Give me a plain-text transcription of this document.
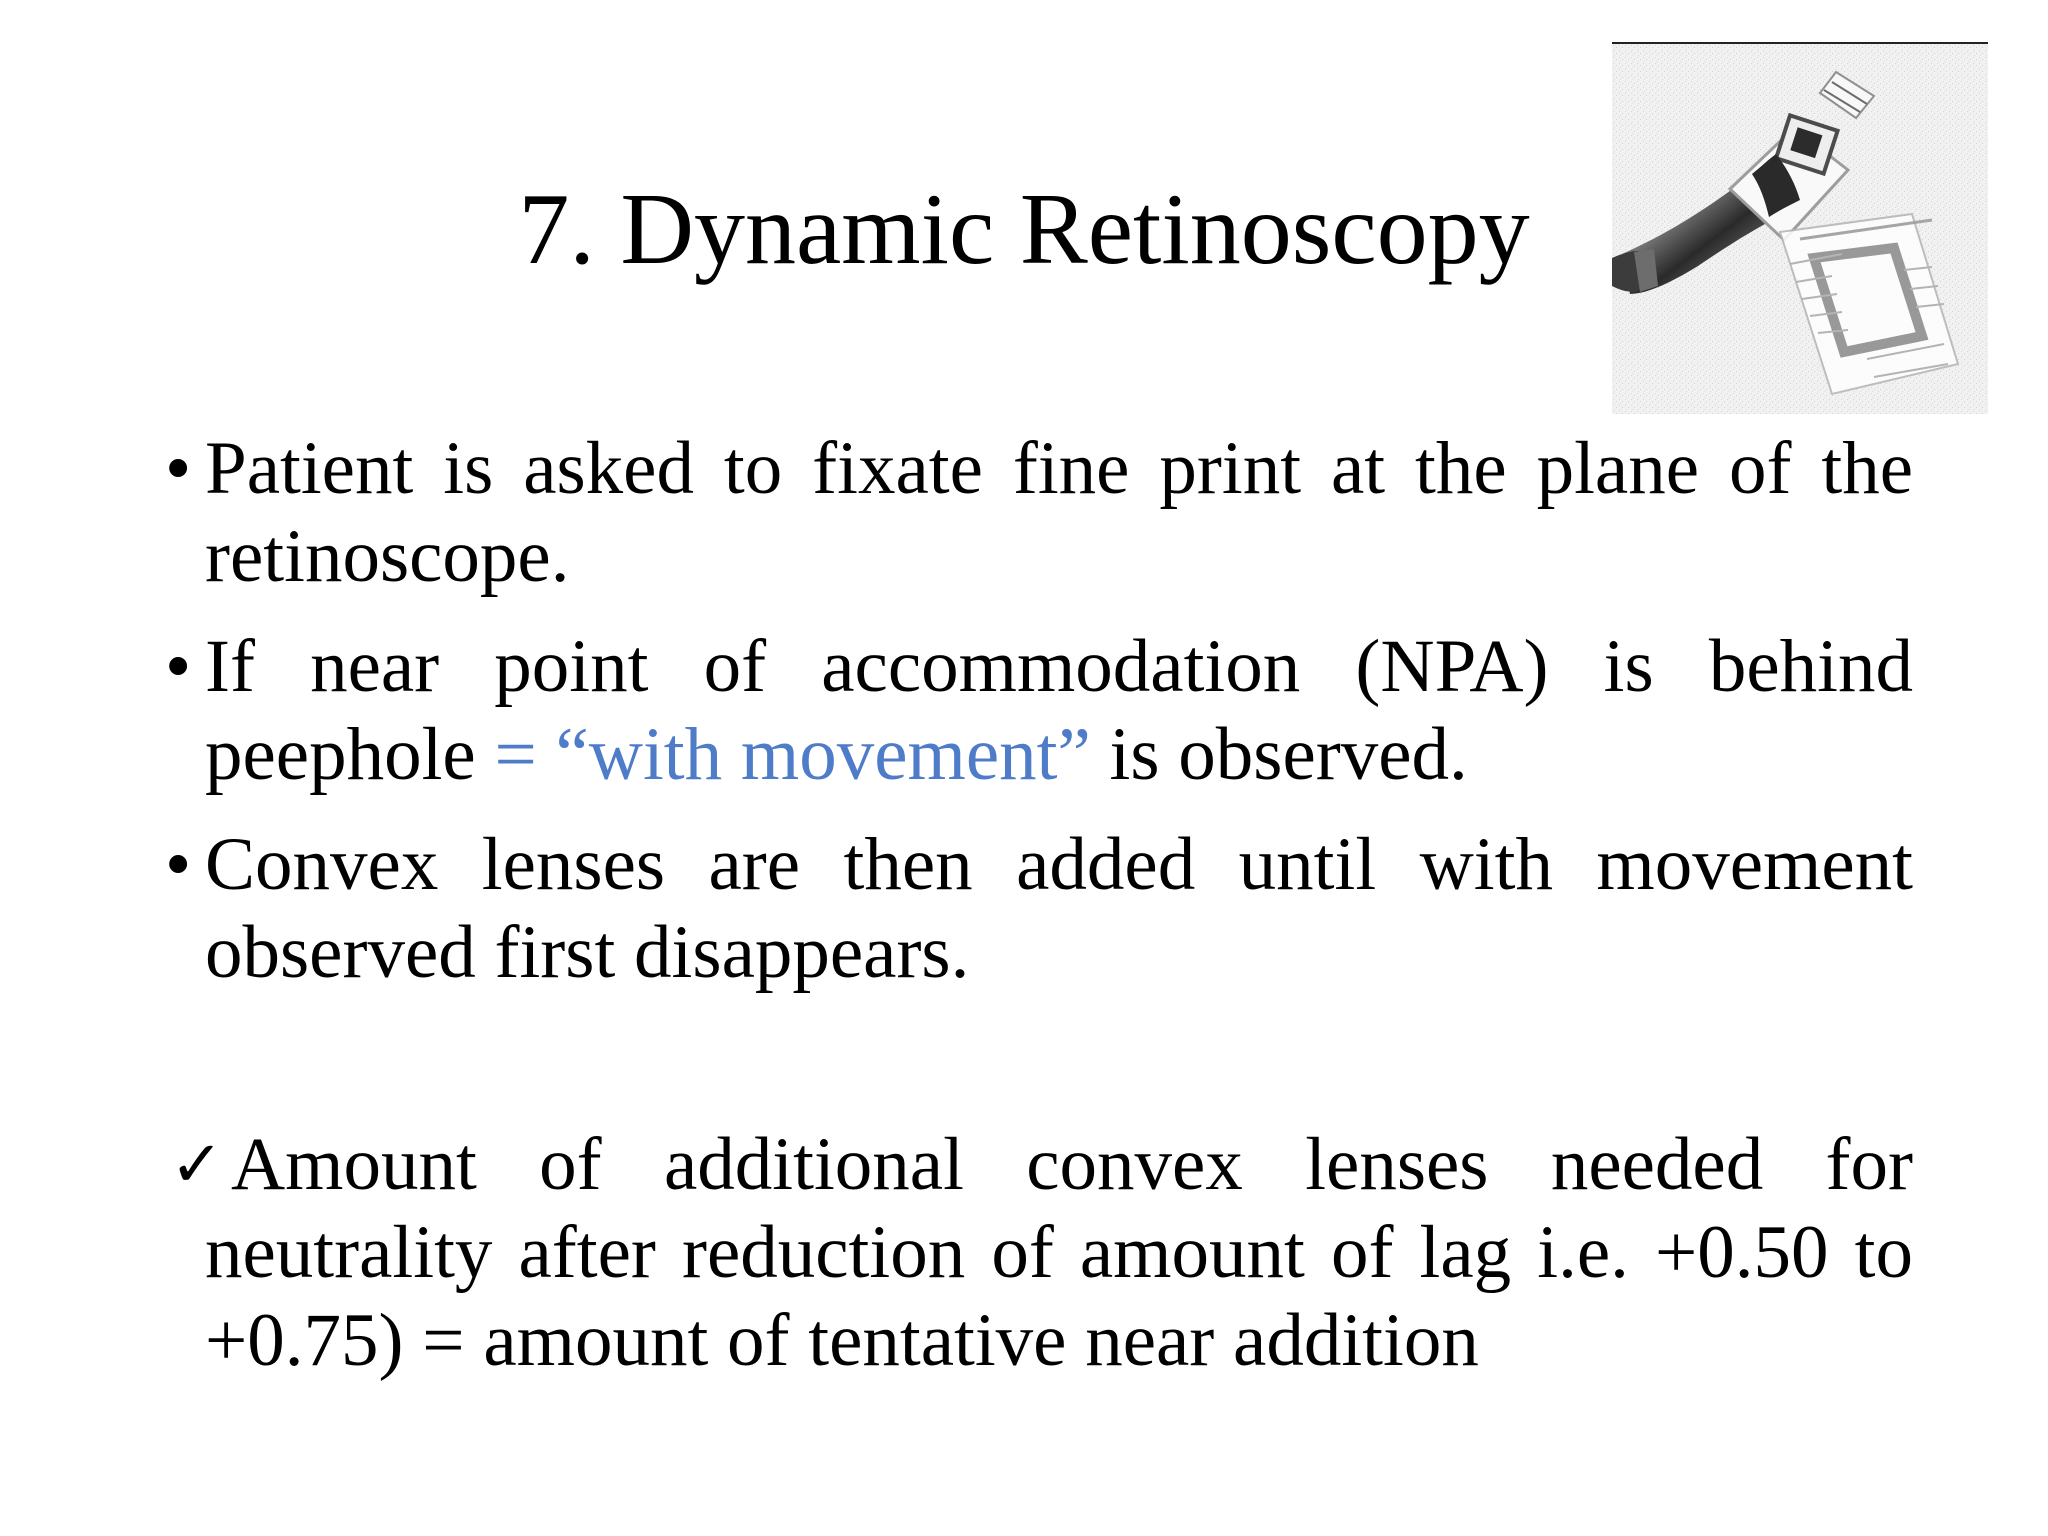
7. Dynamic Retinoscopy

• Patient is asked to fixate fine print at the plane of the retinoscope.

• If near point of accommodation (NPA) is behind peephole = “with movement” is observed.

• Convex lenses are then added until with movement observed first disappears.

✓ Amount of additional convex lenses needed for neutrality after reduction of amount of lag i.e. +0.50 to +0.75) = amount of tentative near addition
